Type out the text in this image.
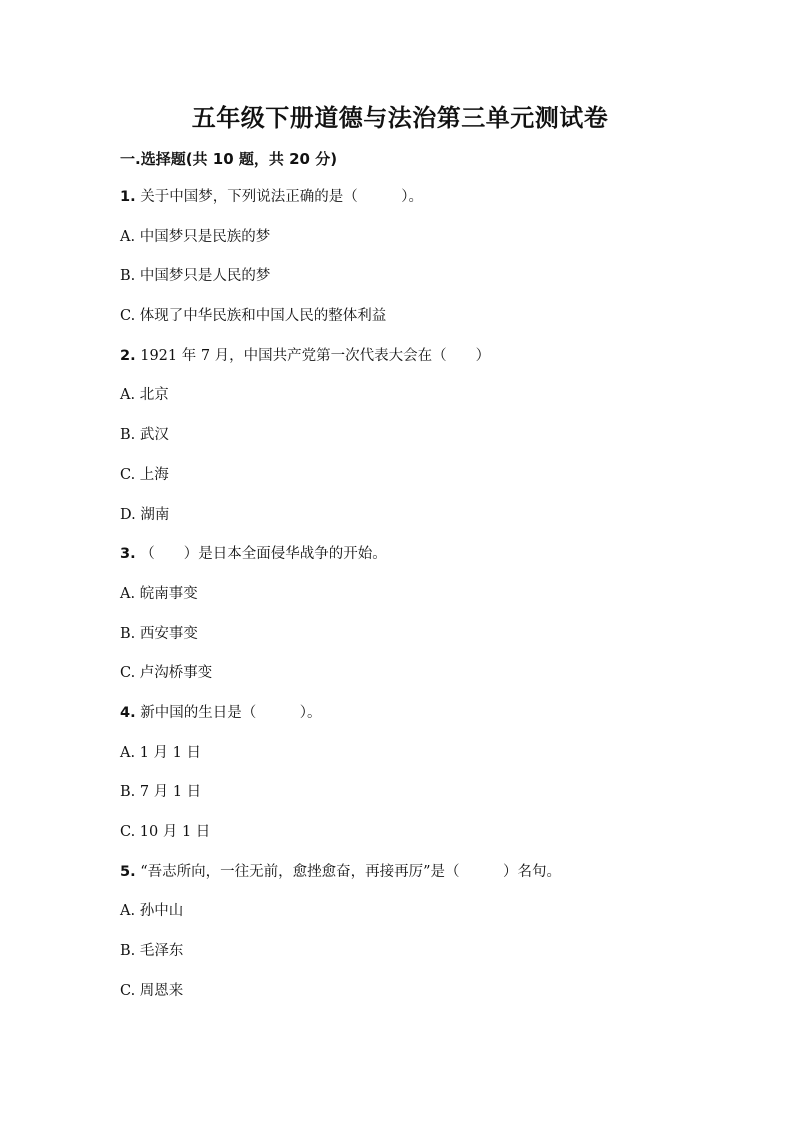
五年级下册道德与法治第三单元测试卷
一.选择题(共 10 题，共 20 分)
1. 关于中国梦，下列说法正确的是（　　　）。
A. 中国梦只是民族的梦
B. 中国梦只是人民的梦
C. 体现了中华民族和中国人民的整体利益
2. 1921 年 7 月，中国共产党第一次代表大会在（　　）
A. 北京
B. 武汉
C. 上海
D. 湖南
3. （　　）是日本全面侵华战争的开始。
A. 皖南事变
B. 西安事变
C. 卢沟桥事变
4. 新中国的生日是（　　　）。
A. 1 月 1 日
B. 7 月 1 日
C. 10 月 1 日
5. “吾志所向，一往无前，愈挫愈奋，再接再厉”是（　　　）名句。
A. 孙中山
B. 毛泽东
C. 周恩来
